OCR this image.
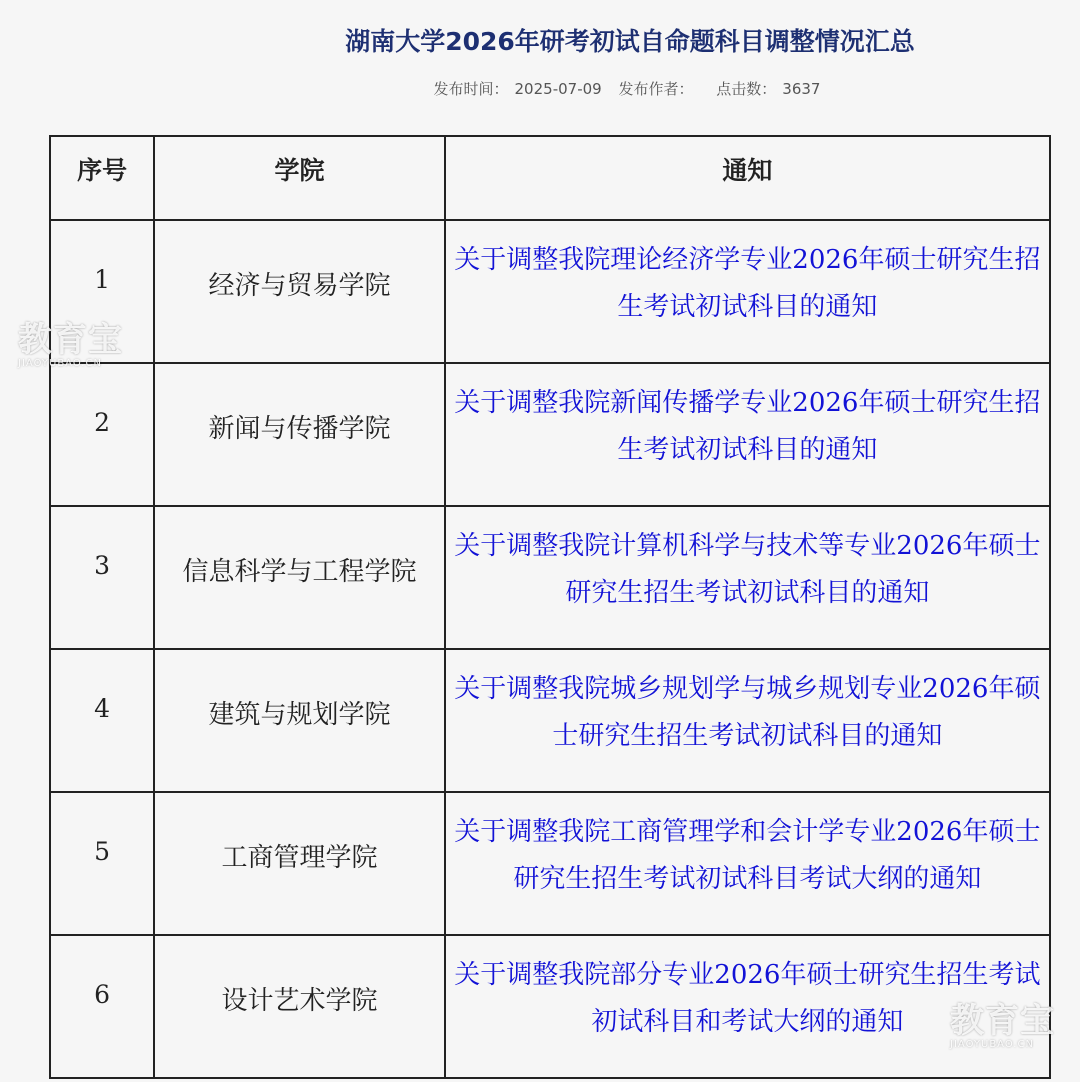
湖南大学2026年研考初试自命题科目调整情况汇总
发布时间： 2025-07-09 发布作者： 点击数： 3637
序号	学院	通知
1	经济与贸易学院	关于调整我院理论经济学专业2026年硕士研究生招生考试初试科目的通知

2	新闻与传播学院	关于调整我院新闻传播学专业2026年硕士研究生招生考试初试科目的通知

3	信息科学与工程学院	关于调整我院计算机科学与技术等专业2026年硕士研究生招生考试初试科目的通知

4	建筑与规划学院	关于调整我院城乡规划学与城乡规划专业2026年硕士研究生招生考试初试科目的通知

5	工商管理学院	关于调整我院工商管理学和会计学专业2026年硕士研究生招生考试初试科目考试大纲的通知

6	设计艺术学院	关于调整我院部分专业2026年硕士研究生招生考试初试科目和考试大纲的通知
教育宝
JIAOYUBAO.CN
教育宝
JIAOYUBAO.CN
